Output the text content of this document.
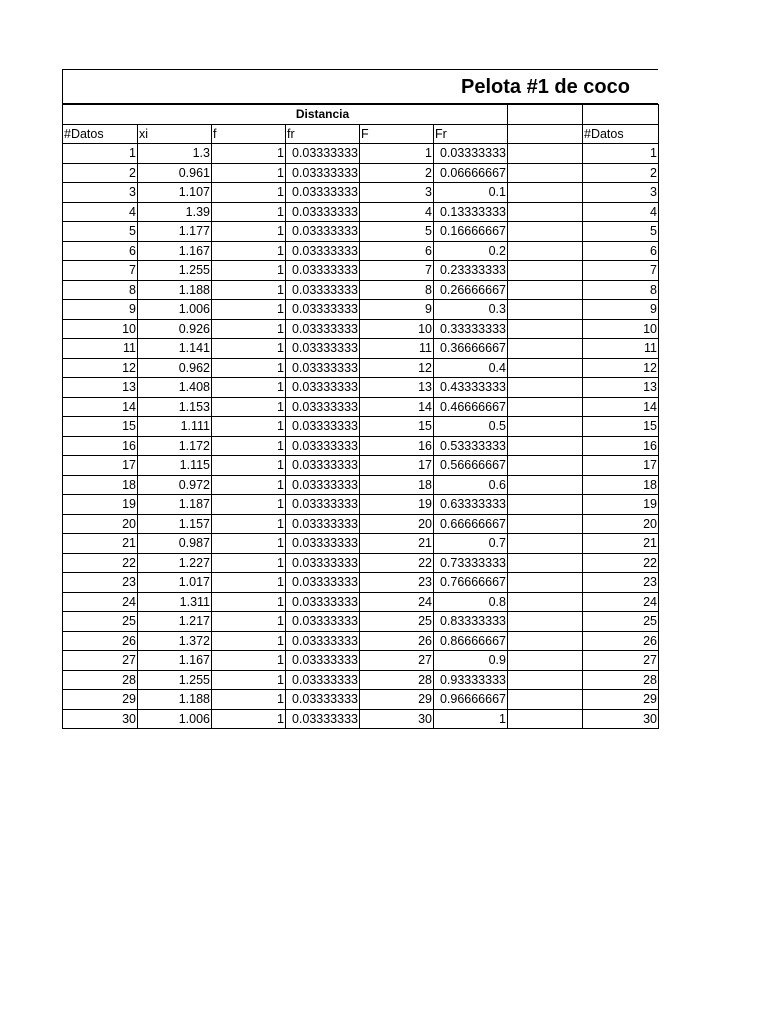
Pelota #1 de coco
			Distancia				
#Datos	xi	f	fr	F	Fr		#Datos
1	1.3	1	0.03333333	1	0.03333333		1
2	0.961	1	0.03333333	2	0.06666667		2
3	1.107	1	0.03333333	3	0.1		3
4	1.39	1	0.03333333	4	0.13333333		4
5	1.177	1	0.03333333	5	0.16666667		5
6	1.167	1	0.03333333	6	0.2		6
7	1.255	1	0.03333333	7	0.23333333		7
8	1.188	1	0.03333333	8	0.26666667		8
9	1.006	1	0.03333333	9	0.3		9
10	0.926	1	0.03333333	10	0.33333333		10
11	1.141	1	0.03333333	11	0.36666667		11
12	0.962	1	0.03333333	12	0.4		12
13	1.408	1	0.03333333	13	0.43333333		13
14	1.153	1	0.03333333	14	0.46666667		14
15	1.111	1	0.03333333	15	0.5		15
16	1.172	1	0.03333333	16	0.53333333		16
17	1.115	1	0.03333333	17	0.56666667		17
18	0.972	1	0.03333333	18	0.6		18
19	1.187	1	0.03333333	19	0.63333333		19
20	1.157	1	0.03333333	20	0.66666667		20
21	0.987	1	0.03333333	21	0.7		21
22	1.227	1	0.03333333	22	0.73333333		22
23	1.017	1	0.03333333	23	0.76666667		23
24	1.311	1	0.03333333	24	0.8		24
25	1.217	1	0.03333333	25	0.83333333		25
26	1.372	1	0.03333333	26	0.86666667		26
27	1.167	1	0.03333333	27	0.9		27
28	1.255	1	0.03333333	28	0.93333333		28
29	1.188	1	0.03333333	29	0.96666667		29
30	1.006	1	0.03333333	30	1		30
